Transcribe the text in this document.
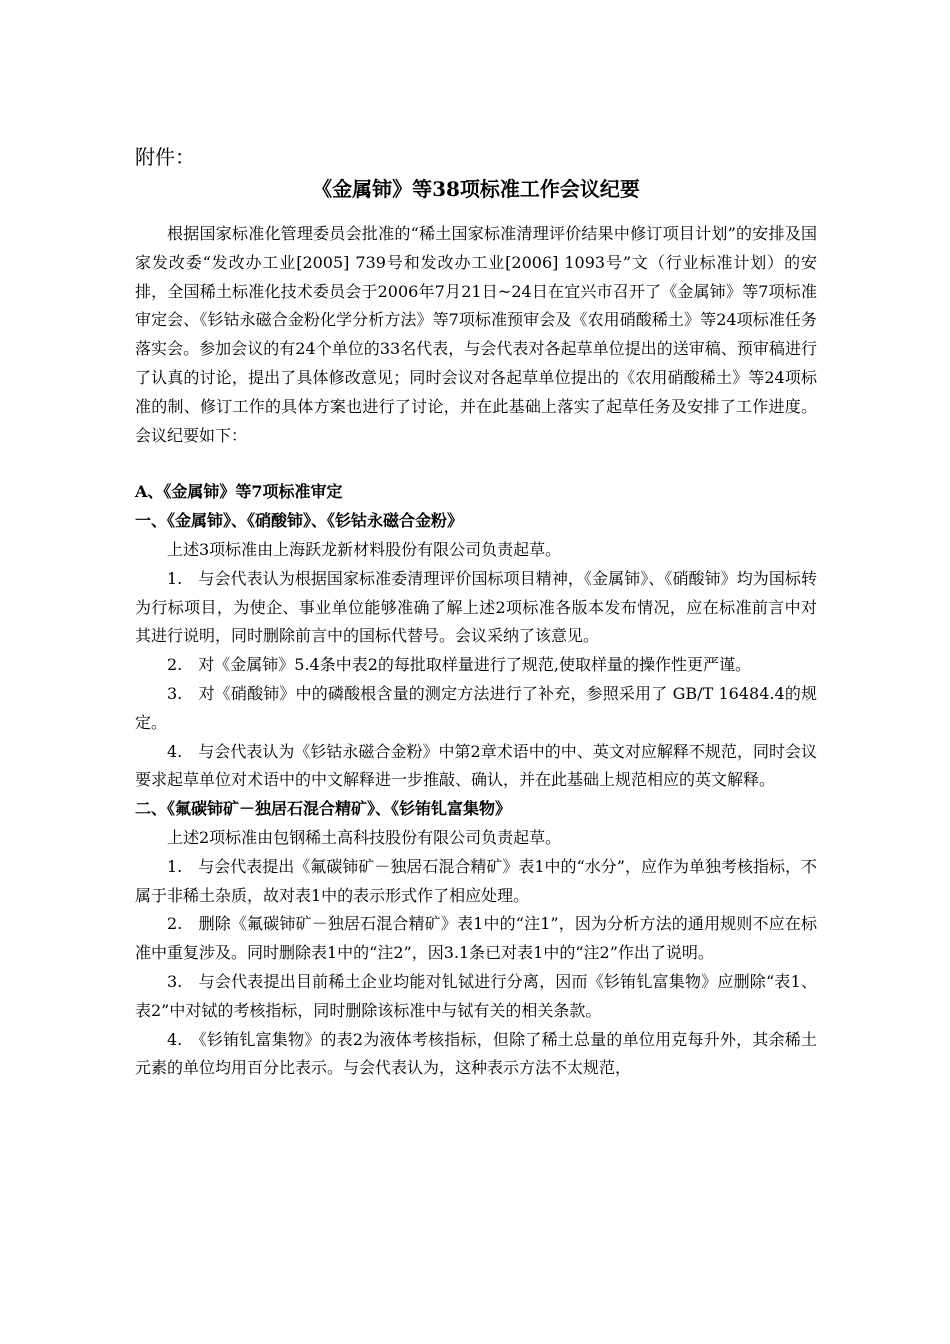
附件：
《金属铈》等38项标准工作会议纪要

根据国家标准化管理委员会批准的“稀土国家标准清理评价结果中修订项目计划”的安排及国家发改委“发改办工业[2005] 739号和发改办工业[2006] 1093号”文（行业标准计划）的安排，全国稀土标准化技术委员会于2006年7月21日~24日在宜兴市召开了《金属铈》等7项标准审定会、《钐钴永磁合金粉化学分析方法》等7项标准预审会及《农用硝酸稀土》等24项标准任务落实会。参加会议的有24个单位的33名代表，与会代表对各起草单位提出的送审稿、预审稿进行了认真的讨论，提出了具体修改意见；同时会议对各起草单位提出的《农用硝酸稀土》等24项标准的制、修订工作的具体方案也进行了讨论，并在此基础上落实了起草任务及安排了工作进度。会议纪要如下：

A、《金属铈》等7项标准审定
一、《金属铈》、《硝酸铈》、《钐钴永磁合金粉》

上述3项标准由上海跃龙新材料股份有限公司负责起草。

1.　与会代表认为根据国家标准委清理评价国标项目精神，《金属铈》、《硝酸铈》均为国标转为行标项目，为使企、事业单位能够准确了解上述2项标准各版本发布情况，应在标准前言中对其进行说明，同时删除前言中的国标代替号。会议采纳了该意见。

2.　对《金属铈》5.4条中表2的每批取样量进行了规范,使取样量的操作性更严谨。

3.　对《硝酸铈》中的磷酸根含量的测定方法进行了补充，参照采用了 GB/T 16484.4的规定。

4.　与会代表认为《钐钴永磁合金粉》中第2章术语中的中、英文对应解释不规范，同时会议要求起草单位对术语中的中文解释进一步推敲、确认，并在此基础上规范相应的英文解释。

二、《氟碳铈矿－独居石混合精矿》、《钐铕钆富集物》

上述2项标准由包钢稀土高科技股份有限公司负责起草。

1.　与会代表提出《氟碳铈矿－独居石混合精矿》表1中的“水分”，应作为单独考核指标，不属于非稀土杂质，故对表1中的表示形式作了相应处理。

2.　删除《氟碳铈矿－独居石混合精矿》表1中的“注1”，因为分析方法的通用规则不应在标准中重复涉及。同时删除表1中的“注2”，因3.1条已对表1中的“注2”作出了说明。

3.　与会代表提出目前稀土企业均能对钆铽进行分离，因而《钐铕钆富集物》应删除“表1、表2”中对铽的考核指标，同时删除该标准中与铽有关的相关条款。

4.　《钐铕钆富集物》的表2为液体考核指标，但除了稀土总量的单位用克每升外，其余稀土元素的单位均用百分比表示。与会代表认为，这种表示方法不太规范，
